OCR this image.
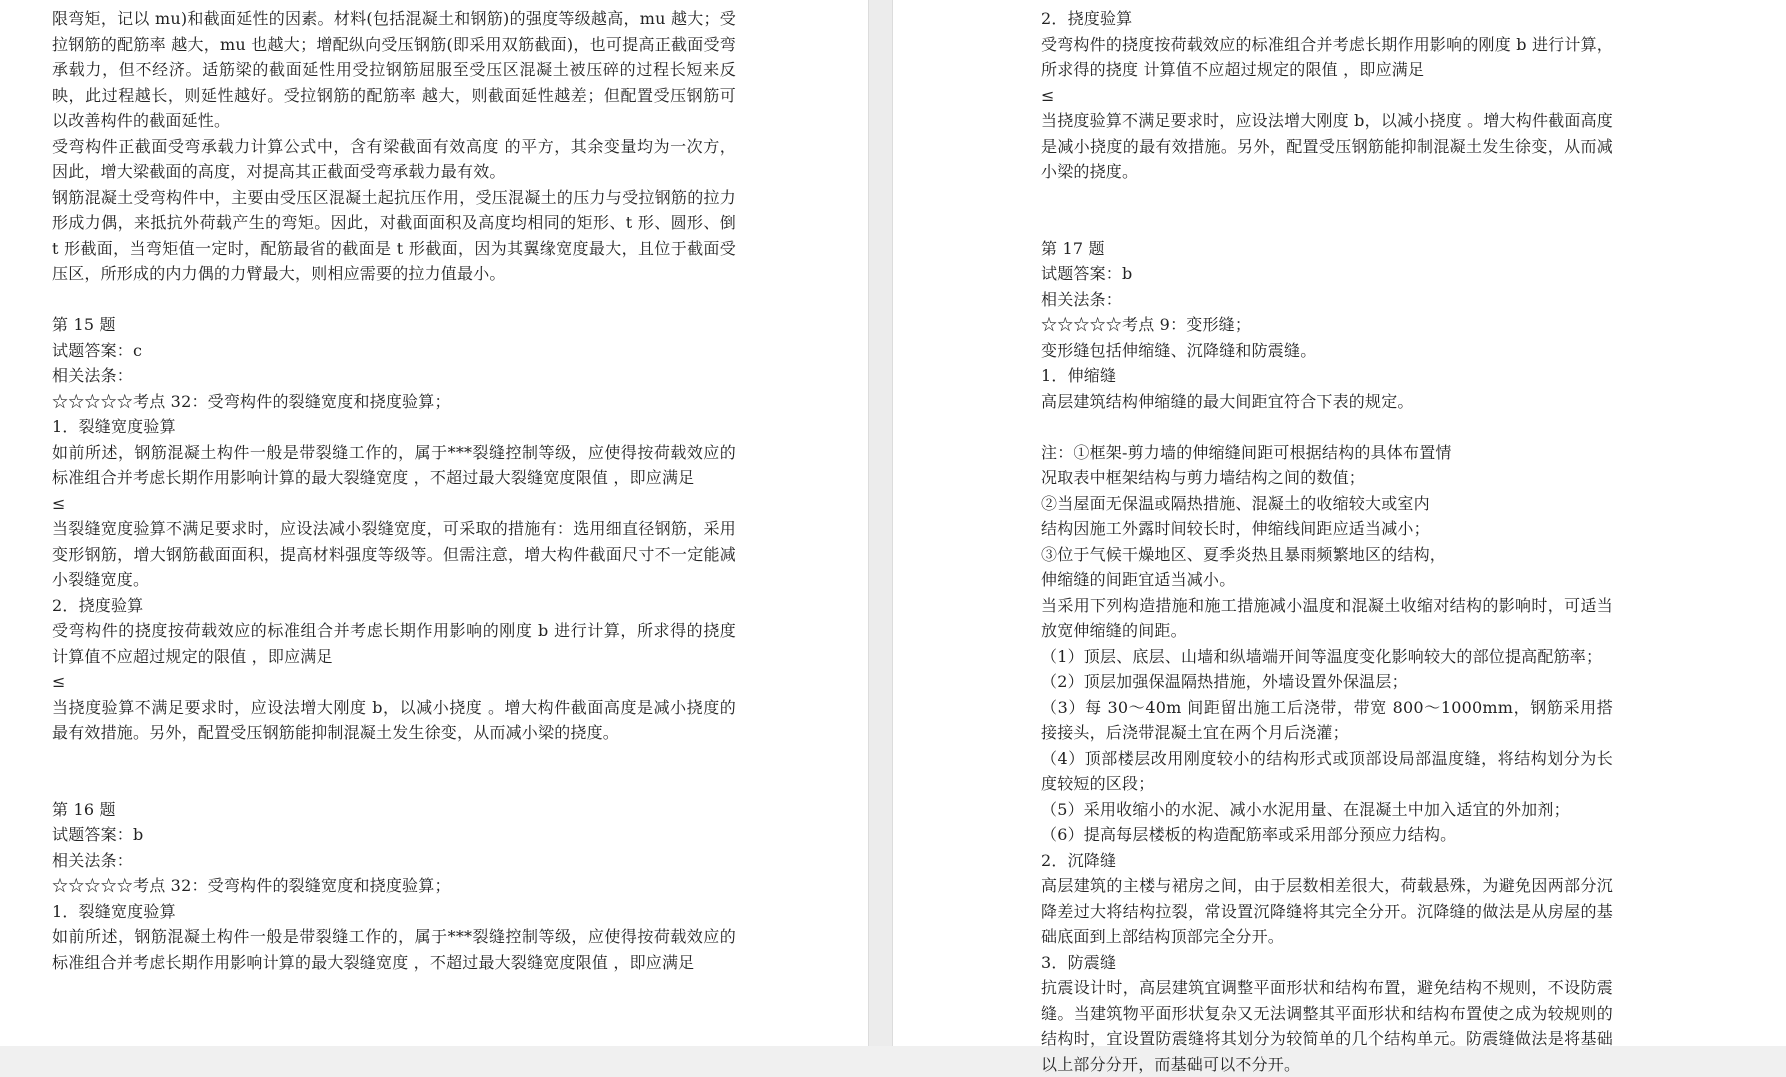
限弯矩，记以 mu)和截面延性的因素。材料(包括混凝土和钢筋)的强度等级越高，mu 越大；受拉钢筋的配筋率 越大，mu 也越大；增配纵向受压钢筋(即采用双筋截面)，也可提高正截面受弯承载力，但不经济。适筋梁的截面延性用受拉钢筋屈服至受压区混凝土被压碎的过程长短来反映，此过程越长，则延性越好。受拉钢筋的配筋率 越大，则截面延性越差；但配置受压钢筋可以改善构件的截面延性。
受弯构件正截面受弯承载力计算公式中，含有梁截面有效高度 的平方，其余变量均为一次方，因此，增大梁截面的高度，对提高其正截面受弯承载力最有效。
钢筋混凝土受弯构件中，主要由受压区混凝土起抗压作用，受压混凝土的压力与受拉钢筋的拉力形成力偶，来抵抗外荷载产生的弯矩。因此，对截面面积及高度均相同的矩形、t 形、圆形、倒 t 形截面，当弯矩值一定时，配筋最省的截面是 t 形截面，因为其翼缘宽度最大，且位于截面受压区，所形成的内力偶的力臂最大，则相应需要的拉力值最小。
第 15 题
试题答案：c
相关法条：
☆☆☆☆☆考点 32：受弯构件的裂缝宽度和挠度验算；
1．裂缝宽度验算
如前所述，钢筋混凝土构件一般是带裂缝工作的，属于***裂缝控制等级，应使得按荷载效应的标准组合并考虑长期作用影响计算的最大裂缝宽度 ，不超过最大裂缝宽度限值 ，即应满足
≤
当裂缝宽度验算不满足要求时，应设法减小裂缝宽度，可采取的措施有：选用细直径钢筋，采用变形钢筋，增大钢筋截面面积，提高材料强度等级等。但需注意，增大构件截面尺寸不一定能减小裂缝宽度。
2．挠度验算
受弯构件的挠度按荷载效应的标准组合并考虑长期作用影响的刚度 b 进行计算，所求得的挠度 计算值不应超过规定的限值 ，即应满足
≤
当挠度验算不满足要求时，应设法增大刚度 b，以减小挠度 。增大构件截面高度是减小挠度的最有效措施。另外，配置受压钢筋能抑制混凝土发生徐变，从而减小梁的挠度。
第 16 题
试题答案：b
相关法条：
☆☆☆☆☆考点 32：受弯构件的裂缝宽度和挠度验算；
1．裂缝宽度验算
如前所述，钢筋混凝土构件一般是带裂缝工作的，属于***裂缝控制等级，应使得按荷载效应的标准组合并考虑长期作用影响计算的最大裂缝宽度 ，不超过最大裂缝宽度限值 ，即应满足
2．挠度验算
受弯构件的挠度按荷载效应的标准组合并考虑长期作用影响的刚度 b 进行计算，所求得的挠度 计算值不应超过规定的限值 ，即应满足
≤
当挠度验算不满足要求时，应设法增大刚度 b，以减小挠度 。增大构件截面高度是减小挠度的最有效措施。另外，配置受压钢筋能抑制混凝土发生徐变，从而减小梁的挠度。
第 17 题
试题答案：b
相关法条：
☆☆☆☆☆考点 9：变形缝；
变形缝包括伸缩缝、沉降缝和防震缝。
1．伸缩缝
高层建筑结构伸缩缝的最大间距宜符合下表的规定。
注：①框架-剪力墙的伸缩缝间距可根据结构的具体布置情
况取表中框架结构与剪力墙结构之间的数值；
②当屋面无保温或隔热措施、混凝土的收缩较大或室内
结构因施工外露时间较长时，伸缩线间距应适当减小；
③位于气候干燥地区、夏季炎热且暴雨频繁地区的结构，
伸缩缝的间距宜适当减小。
当采用下列构造措施和施工措施减小温度和混凝土收缩对结构的影响时，可适当放宽伸缩缝的间距。
（1）顶层、底层、山墙和纵墙端开间等温度变化影响较大的部位提高配筋率；
（2）顶层加强保温隔热措施，外墙设置外保温层；
（3）每 30～40m 间距留出施工后浇带，带宽 800～1000mm，钢筋采用搭接接头，后浇带混凝土宜在两个月后浇灌；
（4）顶部楼层改用刚度较小的结构形式或顶部设局部温度缝，将结构划分为长度较短的区段；
（5）采用收缩小的水泥、减小水泥用量、在混凝土中加入适宜的外加剂；
（6）提高每层楼板的构造配筋率或采用部分预应力结构。
2．沉降缝
高层建筑的主楼与裙房之间，由于层数相差很大，荷载悬殊，为避免因两部分沉降差过大将结构拉裂，常设置沉降缝将其完全分开。沉降缝的做法是从房屋的基础底面到上部结构顶部完全分开。
3．防震缝
抗震设计时，高层建筑宜调整平面形状和结构布置，避免结构不规则，不设防震缝。当建筑物平面形状复杂又无法调整其平面形状和结构布置使之成为较规则的结构时，宜设置防震缝将其划分为较简单的几个结构单元。防震缝做法是将基础以上部分分开，而基础可以不分开。
